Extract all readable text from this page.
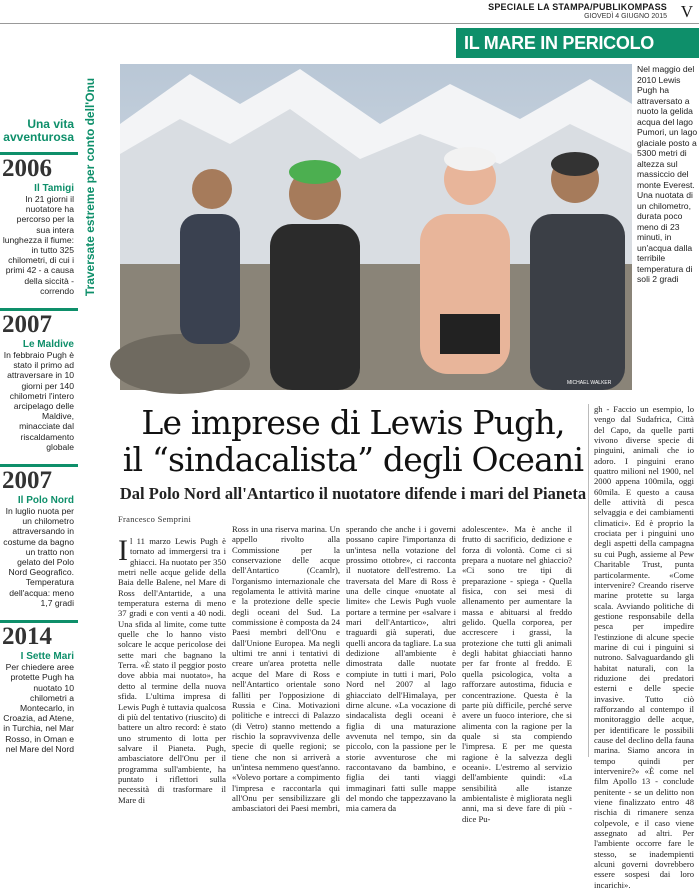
SPECIALE LA STAMPA/PUBLIKOMPASS
GIOVEDÌ 4 GIUGNO 2015 V
IL MARE IN PERICOLO
Traversate estreme per conto dell'Onu
Una vita avventurosa
2006
Il Tamigi
In 21 giorni il nuotatore ha percorso per la sua intera lunghezza il fiume: in tutto 325 chilometri, di cui i primi 42 - a causa della siccità - correndo
2007
Le Maldive
In febbraio Pugh è stato il primo ad attraversare in 10 giorni per 140 chilometri l'intero arcipelago delle Maldive, minacciate dal riscaldamento globale
2007
Il Polo Nord
In luglio nuota per un chilometro attraversando in costume da bagno un tratto non gelato del Polo Nord Geografico. Temperatura dell'acqua: meno 1,7 gradi
2014
I Sette Mari
Per chiedere aree protette Pugh ha nuotato 10 chilometri a Montecarlo, in Croazia, ad Atene, in Turchia, nel Mar Rosso, in Oman e nel Mare del Nord
MICHAEL WALKER
Nel maggio del 2010 Lewis Pugh ha attraversato a nuoto la gelida acqua del lago Pumori, un lago glaciale posto a 5300 metri di altezza sul massiccio del monte Everest. Una nuotata di un chilometro, durata poco meno di 23 minuti, in un'acqua dalla terribile temperatura di soli 2 gradi
Le imprese di Lewis Pugh,
il “sindacalista” degli Oceani
Dal Polo Nord all'Antartico il nuotatore difende i mari del Pianeta
Francesco Semprini
Il 11 marzo Lewis Pugh è tornato ad immergersi tra i ghiacci. Ha nuotato per 350 metri nelle acque gelide della Baia delle Balene, nel Mare di Ross dell'Antartide, a una temperatura esterna di meno 37 gradi e con venti a 40 nodi. Una sfida al limite, come tutte quelle che lo hanno visto solcare le acque pericolose dei sette mari che bagnano la Terra. «È stato il peggior posto dove abbia mai nuotato», ha detto al termine della nuova sfida. L'ultima impresa di Lewis Pugh è tuttavia qualcosa di più del tentativo (riuscito) di battere un altro record: è stato uno strumento di lotta per salvare il Pianeta. Pugh, ambasciatore dell'Onu per il programma sull'ambiente, ha puntato i riflettori sulla necessità di trasformare il Mare di
Ross in una riserva marina. Un appello rivolto alla Commissione per la conservazione delle acque dell'Antartico (Ccamlr), l'organismo internazionale che regolamenta le attività marine e la protezione delle specie degli oceani del Sud. La commissione è composta da 24 Paesi membri dell'Onu e dall'Unione Europea. Ma negli ultimi tre anni i tentativi di creare un'area protetta nelle acque del Mare di Ross e nell'Antartico orientale sono falliti per l'opposizione di Russia e Cina. Motivazioni politiche e intrecci di Palazzo (di Vetro) stanno mettendo a rischio la sopravvivenza delle specie di quelle regioni; se tiene che non si arriverà a un'intesa nemmeno quest'anno. «Volevo portare a compimento l'impresa e raccontarla qui all'Onu per sensibilizzare gli ambasciatori dei Paesi membri,
sperando che anche i i governi possano capire l'importanza di un'intesa nella votazione del prossimo ottobre», ci racconta il nuotatore dell'estremo. La traversata del Mare di Ross è una delle cinque «nuotate al limite» che Lewis Pugh vuole portare a termine per «salvare i mari dell'Antartico», altri traguardi già superati, due quelli ancora da tagliare. La sua dedizione all'ambiente è dimostrata dalle nuotate compiute in tutti i mari, Polo Nord nel 2007 al lago ghiacciato dell'Himalaya, per dirne alcune. «La vocazione di sindacalista degli oceani è figlia di una maturazione avvenuta nel tempo, sin da piccolo, con la passione per le storie avventurose che mi raccontavano da bambino, e figlia dei tanti viaggi immaginari fatti sulle mappe del mondo che tappezzavano la mia camera da
adolescente». Ma è anche il frutto di sacrificio, dedizione e forza di volontà. Come ci si prepara a nuotare nel ghiaccio? «Ci sono tre tipi di preparazione - spiega - Quella fisica, con sei mesi di allenamento per aumentare la massa e abituarsi al freddo gelido. Quella corporea, per accrescere i grassi, la protezione che tutti gli animali degli habitat ghiacciati hanno per far fronte al freddo. E quella psicologica, volta a rafforzare autostima, fiducia e concentrazione. Questa è la parte più difficile, perché serve avere un fuoco interiore, che si alimenta con la ragione per la quale si sta compiendo l'impresa. E per me questa ragione è la salvezza degli oceani». L'estremo al servizio dell'ambiente quindi: «La sensibilità alle istanze ambientaliste è migliorata negli anni, ma si deve fare di più - dice Pu-
gh - Faccio un esempio, lo vengo dal Sudafrica, Città del Capo, da quelle parti vivono diverse specie di pinguini, animali che io adoro. I pinguini erano quattro milioni nel 1900, nel 2000 appena 100mila, oggi 60mila. E questo a causa delle attività di pesca selvaggia e dei cambiamenti climatici». Ed è proprio la crociata per i pinguini uno degli aspetti della campagna su cui Pugh, assieme al Pew Charitable Trust, punta particolarmente. «Come intervenire? Creando riserve marine protette su larga scala. Avviando politiche di gestione responsabile della pesca per impedire l'estinzione di alcune specie marine di cui i pinguini si nutrono. Salvaguardando gli habitat naturali, con la riduzione dei predatori esterni e delle specie invasive. Tutto ciò rafforzando al contempo il monitoraggio delle acque, per identificare le possibili cause del declino della fauna marina. Siamo ancora in tempo quindi per intervenire?» «È come nel film Apollo 13 - conclude penitente - se un delitto non viene finalizzato entro 48 rischia di rimanere senza colpevole, e il caso viene assegnato ad altri. Per l'ambiente occorre fare le stesso, se inadempienti alcuni governi dovrebbero essere sospesi dai loro incarichi».
